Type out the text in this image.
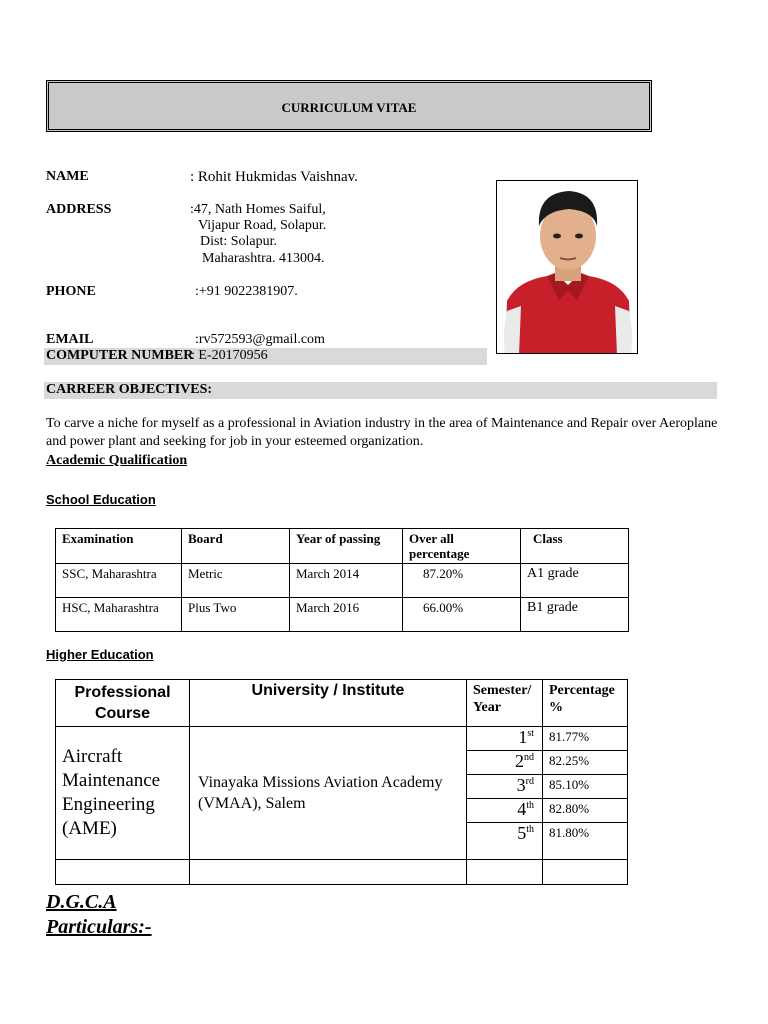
CURRICULUM VITAE
NAME	: Rohit Hukmidas Vaishnav.
ADDRESS	:47, Nath Homes Saiful,
Vijapur Road, Solapur.
Dist: Solapur.
Maharashtra. 413004.
PHONE	:+91 9022381907.
EMAIL	:rv572593@gmail.com
COMPUTER NUMBER
: E-20170956
CARREER OBJECTIVES:
To carve a niche for myself as a professional in Aviation industry in the area of Maintenance and Repair over Aeroplane
and power plant and seeking for job in your esteemed organization.
Academic Qualification
School Education
Examination	Board	Year of passing	Over all percentage	Class
SSC, Maharashtra	Metric	March 2014	87.20%	A1 grade
HSC, Maharashtra	Plus Two	March 2016	66.00%	B1 grade
Higher Education
Professional Course	University / Institute	Semester/ Year	Percentage %
Aircraft Maintenance Engineering (AME)	Vinayaka Missions Aviation Academy (VMAA), Salem	1st	81.77%
		2nd	82.25%
		3rd	85.10%
		4th	82.80%
		5th	81.80%

D.G.C.A
Particulars:-
